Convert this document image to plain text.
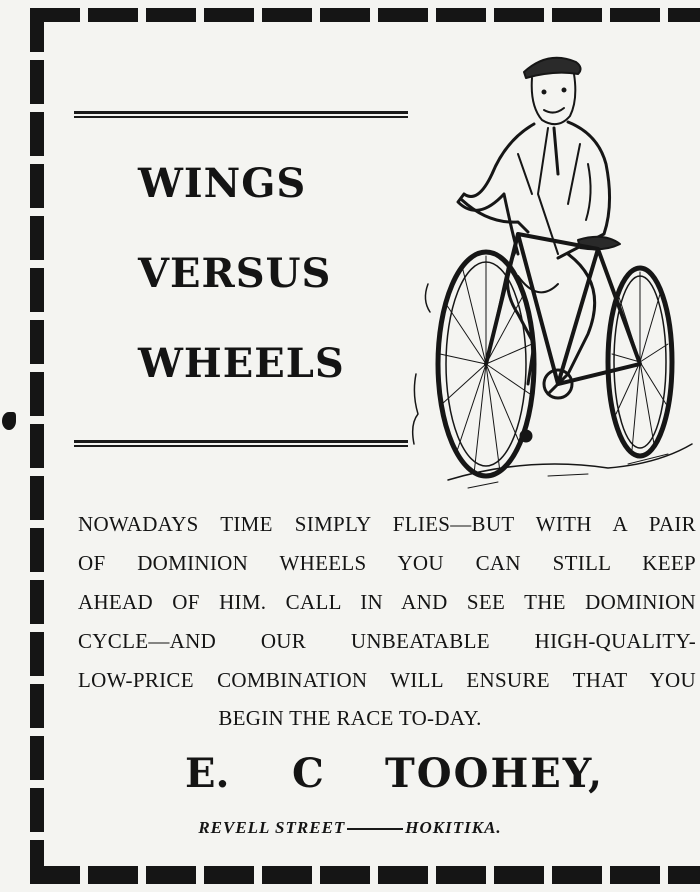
WINGS
VERSUS
WHEELS
NOWADAYS TIME SIMPLY FLIES—BUT WITH A PAIR
OF DOMINION WHEELS YOU CAN STILL KEEP
AHEAD OF HIM. CALL IN AND SEE THE DOMINION
CYCLE—AND OUR UNBEATABLE HIGH-QUALITY-
LOW-PRICE COMBINATION WILL ENSURE THAT YOU
BEGIN THE RACE TO-DAY.
E. C TOOHEY,
REVELL STREET	HOKITIKA.
